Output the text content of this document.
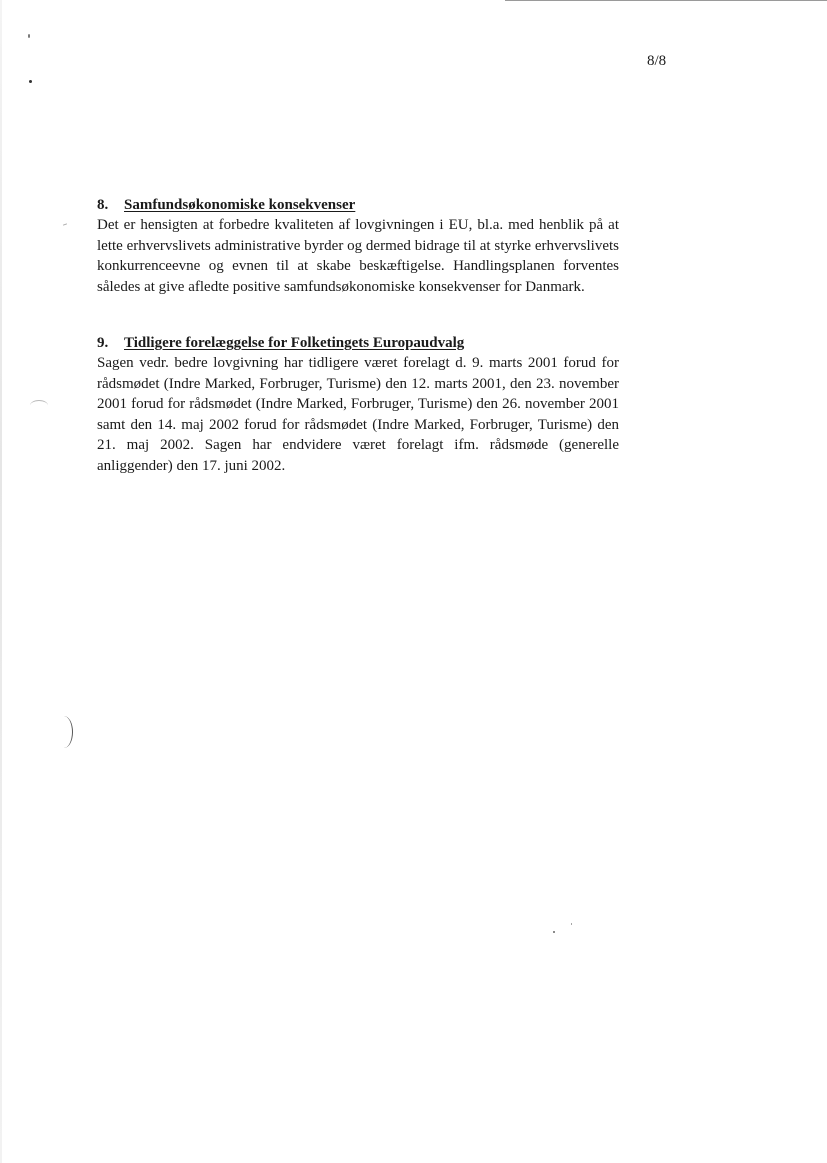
8/8

8. Samfundsøkonomiske konsekvenser

Det er hensigten at forbedre kvaliteten af lovgivningen i EU, bl.a. med henblik på at lette erhvervslivets administrative byrder og dermed bidrage til at styrke erhvervslivets konkurrenceevne og evnen til at skabe beskæftigelse. Handlingsplanen forventes således at give afledte positive samfundsøkonomiske konsekvenser for Danmark.

9. Tidligere forelæggelse for Folketingets Europaudvalg

Sagen vedr. bedre lovgivning har tidligere været forelagt d. 9. marts 2001 forud for rådsmødet (Indre Marked, Forbruger, Turisme) den 12. marts 2001, den 23. november 2001 forud for rådsmødet (Indre Marked, Forbruger, Turisme) den 26. november 2001 samt den 14. maj 2002 forud for rådsmødet (Indre Marked, Forbruger, Turisme) den 21. maj 2002. Sagen har endvidere været forelagt ifm. rådsmøde (generelle anliggender) den 17. juni 2002.
